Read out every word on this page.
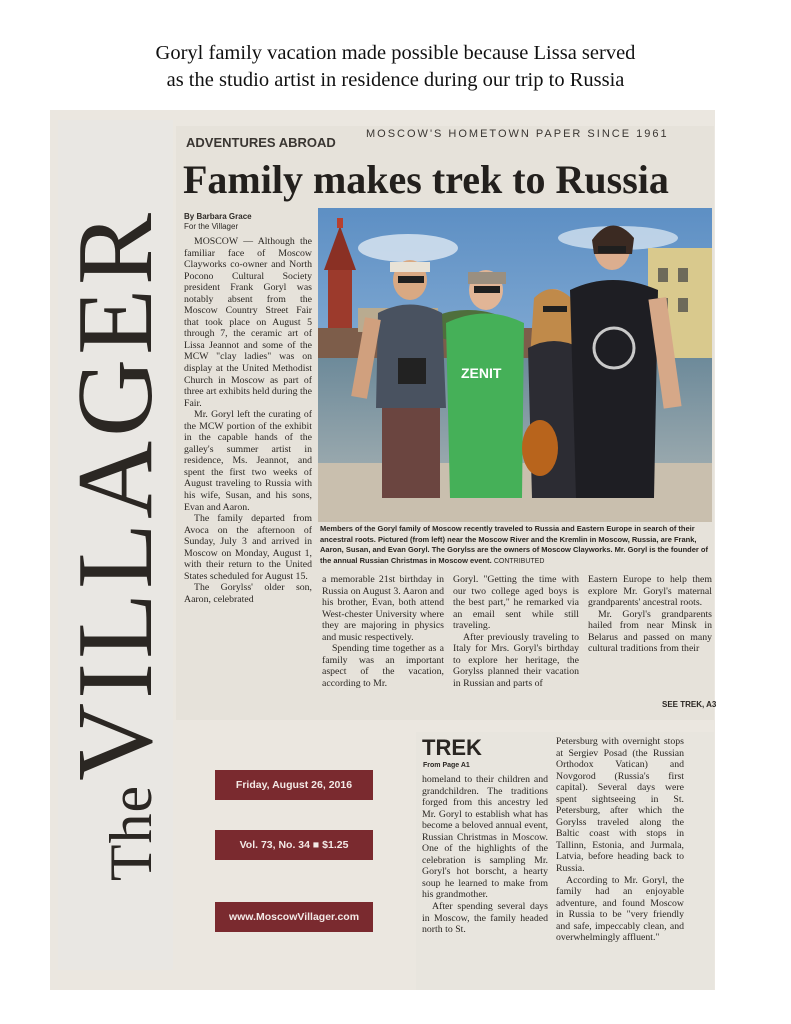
Goryl family vacation made possible because Lissa served
as the studio artist in residence during our trip to Russia
The VILLAGER
Friday, August 26, 2016
Vol. 73, No. 34 ■ $1.25
www.MoscowVillager.com
ADVENTURES ABROAD
MOSCOW'S HOMETOWN PAPER SINCE 1961
Family makes trek to Russia
By Barbara Grace
For the Villager

MOSCOW — Although the familiar face of Moscow Clayworks co-owner and North Pocono Cultural Society president Frank Goryl was notably absent from the Moscow Country Street Fair that took place on August 5 through 7, the ceramic art of Lissa Jeannot and some of the MCW "clay ladies" was on display at the United Methodist Church in Moscow as part of three art exhibits held during the Fair.

Mr. Goryl left the curating of the MCW portion of the exhibit in the capable hands of the galley's summer artist in residence, Ms. Jeannot, and spent the first two weeks of August traveling to Russia with his wife, Susan, and his sons, Evan and Aaron.

The family departed from Avoca on the afternoon of Sunday, July 3 and arrived in Moscow on Monday, August 1, with their return to the United States scheduled for August 15.

The Gorylss' older son, Aaron, celebrated

ZENIT
Members of the Goryl family of Moscow recently traveled to Russia and Eastern Europe in search of their ancestral roots. Pictured (from left) near the Moscow River and the Kremlin in Moscow, Russia, are Frank, Aaron, Susan, and Evan Goryl. The Gorylss are the owners of Moscow Clayworks. Mr. Goryl is the founder of the annual Russian Christmas in Moscow event. CONTRIBUTED

a memorable 21st birthday in Russia on August 3. Aaron and his brother, Evan, both attend West-chester University where they are majoring in physics and music respectively.

Spending time together as a family was an important aspect of the vacation, according to Mr.

Goryl. "Getting the time with our two college aged boys is the best part," he remarked via an email sent while still traveling.

After previously traveling to Italy for Mrs. Goryl's birthday to explore her heritage, the Gorylss planned their vacation in Russian and parts of

Eastern Europe to help them explore Mr. Goryl's maternal grandparents' ancestral roots.

Mr. Goryl's grandparents hailed from near Minsk in Belarus and passed on many cultural traditions from their

SEE TREK, A3
TREK
From Page A1

homeland to their children and grandchildren. The traditions forged from this ancestry led Mr. Goryl to establish what has become a beloved annual event, Russian Christmas in Moscow. One of the highlights of the celebration is sampling Mr. Goryl's hot borscht, a hearty soup he learned to make from his grandmother.

After spending several days in Moscow, the family headed north to St.

Petersburg with overnight stops at Sergiev Posad (the Russian Orthodox Vatican) and Novgorod (Russia's first capital). Several days were spent sightseeing in St. Petersburg, after which the Gorylss traveled along the Baltic coast with stops in Tallinn, Estonia, and Jurmala, Latvia, before heading back to Russia.

According to Mr. Goryl, the family had an enjoyable adventure, and found Moscow in Russia to be "very friendly and safe, impeccably clean, and overwhelmingly affluent."
